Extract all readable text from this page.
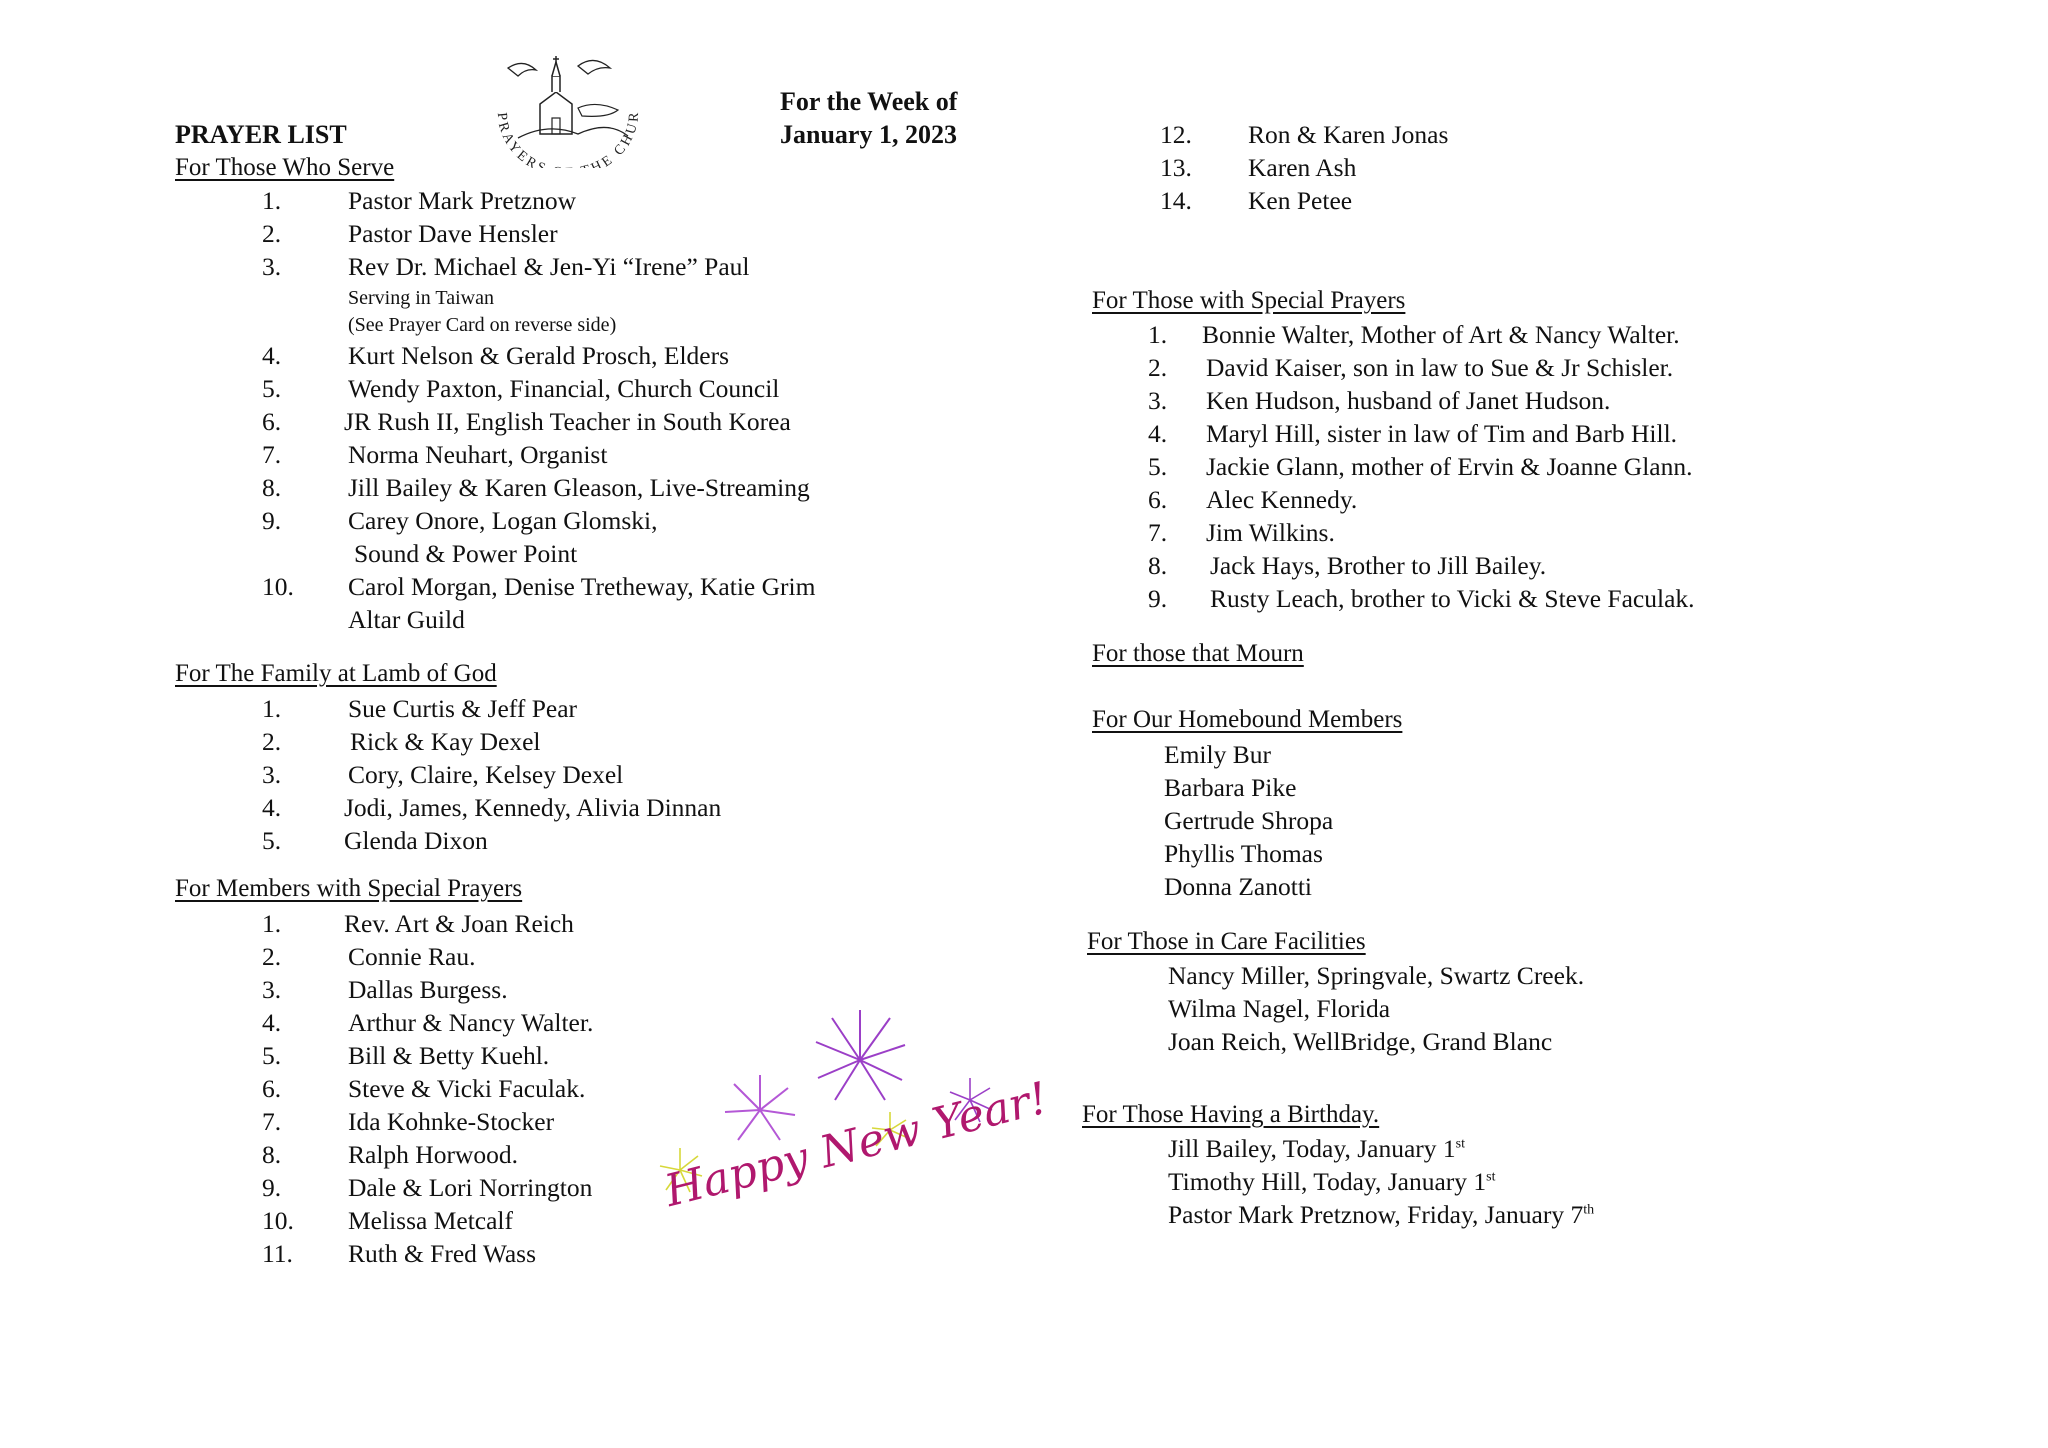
PRAYER HE CHUR
PRAYER LIST
For the Week of
January 1, 2023
For Those Who Serve
1.	Pastor Mark Pretznow
2.	Pastor Dave Hensler
3.	Rev Dr. Michael & Jen-Yi “Irene” Paul
Serving in Taiwan
(See Prayer Card on reverse side)
4.	Kurt Nelson & Gerald Prosch, Elders
5.	Wendy Paxton, Financial, Church Council
6. JR Rush II, English Teacher in South Korea
7.	Norma Neuhart, Organist
8.	Jill Bailey & Karen Gleason, Live-Streaming
9.	Carey Onore, Logan Glomski,
Sound & Power Point
10. Carol Morgan, Denise Tretheway, Katie Grim
Altar Guild
For The Family at Lamb of God
1.	Sue Curtis & Jeff Pear
2.	Rick & Kay Dexel
3.	Cory, Claire, Kelsey Dexel
4. Jodi, James, Kennedy, Alivia Dinnan
5. Glenda Dixon
For Members with Special Prayers
1. Rev. Art & Joan Reich
2.	Connie Rau.
3.	Dallas Burgess.
4.	Arthur & Nancy Walter.
5.	Bill & Betty Kuehl.
6.	Steve & Vicki Faculak.
7.	Ida Kohnke-Stocker
8.	Ralph Horwood.
9.	Dale & Lori Norrington
10. Melissa Metcalf
11. Ruth & Fred Wass
Happy New Year!
12. Ron & Karen Jonas
13. Karen Ash
14. Ken Petee
For Those with Special Prayers
1. Bonnie Walter, Mother of Art & Nancy Walter.
2. David Kaiser, son in law to Sue & Jr Schisler.
3. Ken Hudson, husband of Janet Hudson.
4. Maryl Hill, sister in law of Tim and Barb Hill.
5. Jackie Glann, mother of Ervin & Joanne Glann.
6. Alec Kennedy.
7. Jim Wilkins.
8. Jack Hays, Brother to Jill Bailey.
9. Rusty Leach, brother to Vicki & Steve Faculak.
For those that Mourn
For Our Homebound Members
Emily Bur
Barbara Pike
Gertrude Shropa
Phyllis Thomas
Donna Zanotti
For Those in Care Facilities
Nancy Miller, Springvale, Swartz Creek.
Wilma Nagel, Florida
Joan Reich, WellBridge, Grand Blanc
For Those Having a Birthday.
Jill Bailey, Today, January 1st
Timothy Hill, Today, January 1st
Pastor Mark Pretznow, Friday, January 7th
